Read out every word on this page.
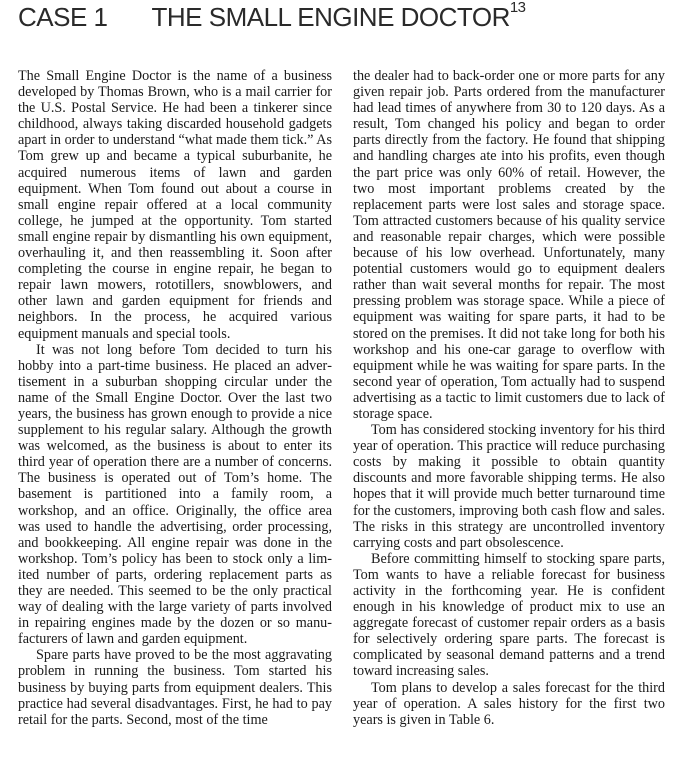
CASE 1 THE SMALL ENGINE DOCTOR$^{13}$

The Small Engine Doctor is the name of a business developed by Thomas Brown, who is a mail carrier for the U.S. Postal Service. He had been a tinkerer since childhood, always taking discarded household gadgets apart in order to understand “what made them tick.” As Tom grew up and became a typical suburbanite, he acquired numerous items of lawn and garden equipment. When Tom found out about a course in small engine repair offered at a local community college, he jumped at the opportunity. Tom started small engine repair by dismantling his own equipment, overhauling it, and then reassembling it. Soon after completing the course in engine repair, he began to repair lawn mowers, rototillers, snowblowers, and other lawn and garden equipment for friends and neighbors. In the process, he acquired various equipment manuals and special tools.

It was not long before Tom decided to turn his hobby into a part-time business. He placed an advertisement in a suburban shopping circular under the name of the Small Engine Doctor. Over the last two years, the business has grown enough to provide a nice supplement to his regular salary. Although the growth was welcomed, as the business is about to enter its third year of operation there are a number of concerns. The business is operated out of Tom’s home. The basement is partitioned into a family room, a workshop, and an office. Originally, the office area was used to handle the advertising, order processing, and bookkeeping. All engine repair was done in the workshop. Tom’s policy has been to stock only a limited number of parts, ordering replacement parts as they are needed. This seemed to be the only practical way of dealing with the large variety of parts involved in repairing engines made by the dozen or so manufacturers of lawn and garden equipment.

Spare parts have proved to be the most aggravating problem in running the business. Tom started his business by buying parts from equipment dealers. This practice had several disadvantages. First, he had to pay retail for the parts. Second, most of the time

the dealer had to back-order one or more parts for any given repair job. Parts ordered from the manufacturer had lead times of anywhere from 30 to 120 days. As a result, Tom changed his policy and began to order parts directly from the factory. He found that shipping and handling charges ate into his profits, even though the part price was only 60% of retail. However, the two most important problems created by the replacement parts were lost sales and storage space. Tom attracted customers because of his quality service and reasonable repair charges, which were possible because of his low overhead. Unfortunately, many potential customers would go to equipment dealers rather than wait several months for repair. The most pressing problem was storage space. While a piece of equipment was waiting for spare parts, it had to be stored on the premises. It did not take long for both his workshop and his one-car garage to overflow with equipment while he was waiting for spare parts. In the second year of operation, Tom actually had to suspend advertising as a tactic to limit customers due to lack of storage space.

Tom has considered stocking inventory for his third year of operation. This practice will reduce purchasing costs by making it possible to obtain quantity discounts and more favorable shipping terms. He also hopes that it will provide much better turnaround time for the customers, improving both cash flow and sales. The risks in this strategy are uncontrolled inventory carrying costs and part obsolescence.

Before committing himself to stocking spare parts, Tom wants to have a reliable forecast for business activity in the forthcoming year. He is confident enough in his knowledge of product mix to use an aggregate forecast of customer repair orders as a basis for selectively ordering spare parts. The forecast is complicated by seasonal demand patterns and a trend toward increasing sales.

Tom plans to develop a sales forecast for the third year of operation. A sales history for the first two years is given in Table 6.
